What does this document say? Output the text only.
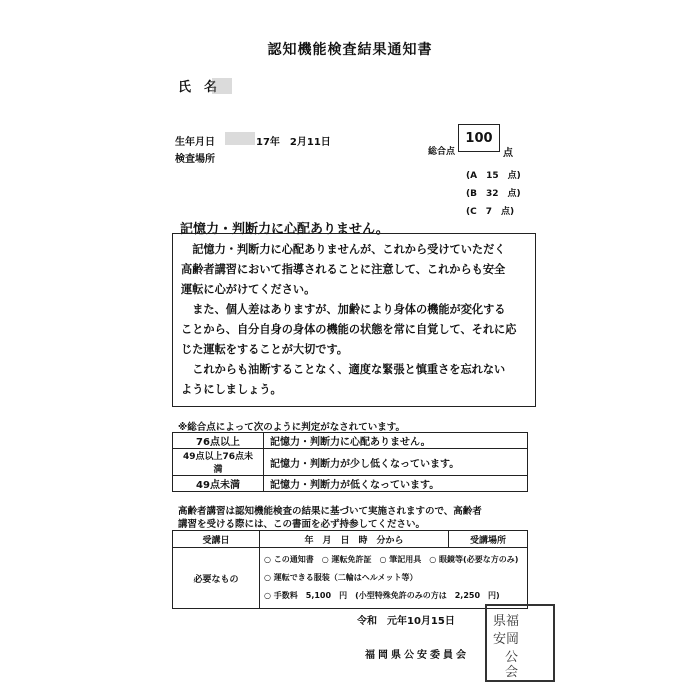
認知機能検査結果通知書
氏　名
生年月日	17年　2月11日
検査場所
総合点
100
点
(A　15　点)
(B　32　点)
(C　7　点)
記憶力・判断力に心配ありません。

記憶力・判断力に心配ありませんが、これから受けていただく

高齢者講習において指導されることに注意して、これからも安全

運転に心がけてください。

また、個人差はありますが、加齢により身体の機能が変化する

ことから、自分自身の身体の機能の状態を常に自覚して、それに応

じた運転をすることが大切です。

これからも油断することなく、適度な緊張と慎重さを忘れない

ようにしましょう。

※総合点によって次のように判定がなされています。
76点以上	記憶力・判断力に心配ありません。
49点以上76点未満	記憶力・判断力が少し低くなっています。
49点未満	記憶力・判断力が低くなっています。
高齢者講習は認知機能検査の結果に基づいて実施されますので、高齢者
講習を受ける際には、この書面を必ず持参してください。
受講日	年　月　日　時　分から	受講場所
必要なもの	○ この通知書　○ 運転免許証　○ 筆記用具　○ 眼鏡等(必要な方のみ)
○ 運転できる服装（二輪はヘルメット等）
○ 手数料　5,100　円　(小型特殊免許のみの方は　2,250　円)	
令和　元年10月15日
福岡県公安委員会
県福
安岡
公
会
